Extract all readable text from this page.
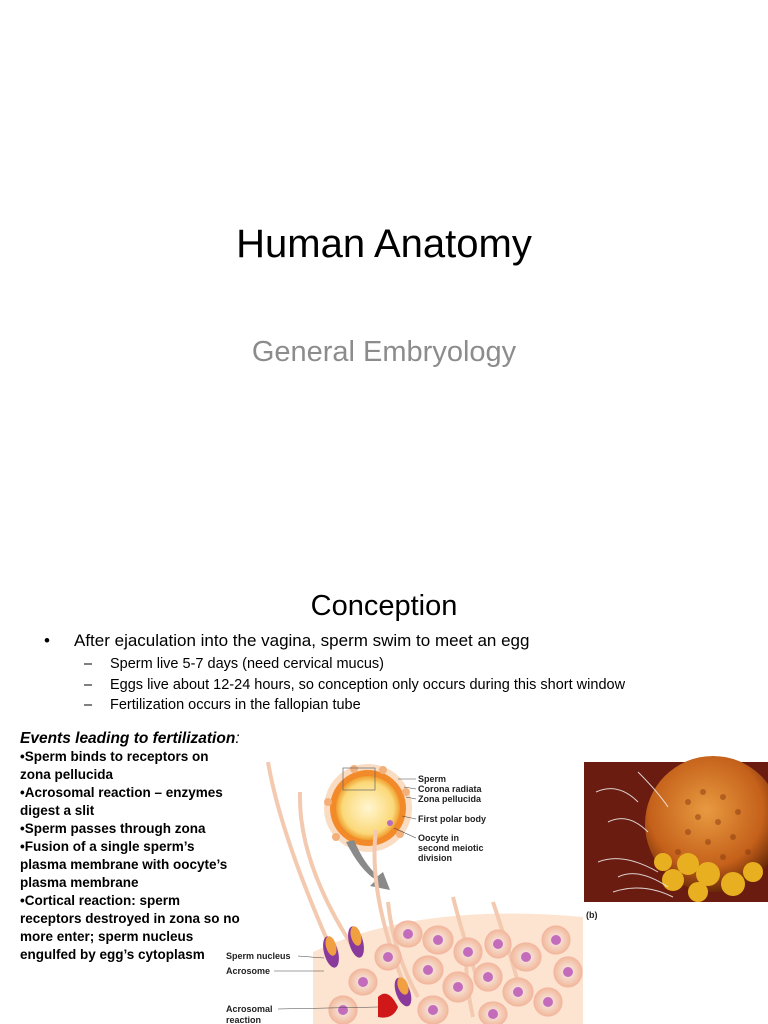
Human Anatomy
General Embryology
Conception
• After ejaculation into the vagina, sperm swim to meet an egg
– Sperm live 5-7 days (need cervical mucus)
– Eggs live about 12-24 hours, so conception only occurs during this short window
– Fertilization occurs in the fallopian tube
Events leading to fertilization:
•Sperm binds to receptors on zona pellucida
•Acrosomal reaction – enzymes digest a slit
•Sperm passes through zona
•Fusion of a single sperm’s plasma membrane with oocyte’s plasma membrane
•Cortical reaction: sperm receptors destroyed in zona so no more enter; sperm nucleus engulfed by egg’s cytoplasm
Sperm
Corona radiata
Zona pellucida
First polar body
Oocyte in
second meiotic
division
Sperm nucleus
Acrosome
Acrosomal
reaction
(b)
